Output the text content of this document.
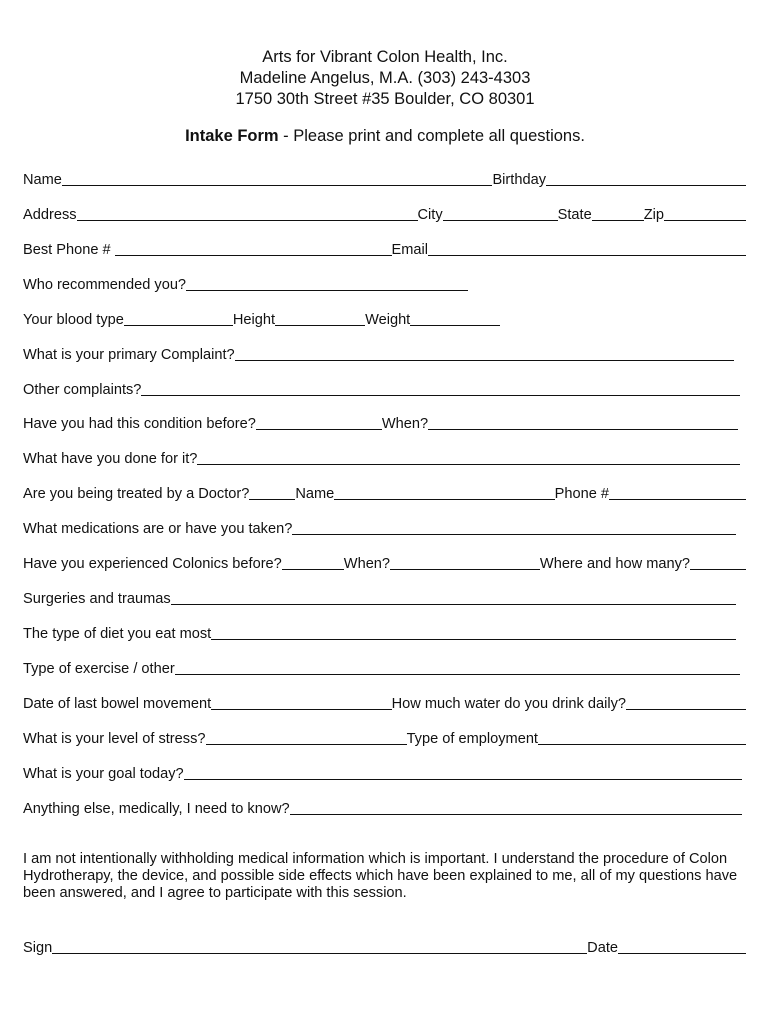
Arts for Vibrant Colon Health, Inc.
Madeline Angelus, M.A. (303) 243-4303
1750 30th Street #35 Boulder, CO 80301
Intake Form - Please print and complete all questions.
Name	Birthday
Address	City	State	Zip
Best Phone #	Email
Who recommended you?
Your blood type	Height	Weight
What is your primary Complaint?
Other complaints?
Have you had this condition before?	When?
What have you done for it?
Are you being treated by a Doctor?	Name	Phone #
What medications are or have you taken?
Have you experienced Colonics before?	When?	Where and how many?
Surgeries and traumas
The type of diet you eat most
Type of exercise / other
Date of last bowel movement	How much water do you drink daily?
What is your level of stress?	Type of employment
What is your goal today?
Anything else, medically, I need to know?
I am not intentionally withholding medical information which is important. I understand the procedure of Colon Hydrotherapy, the device, and possible side effects which have been explained to me, all of my questions have been answered, and I agree to participate with this session.
Sign	Date
